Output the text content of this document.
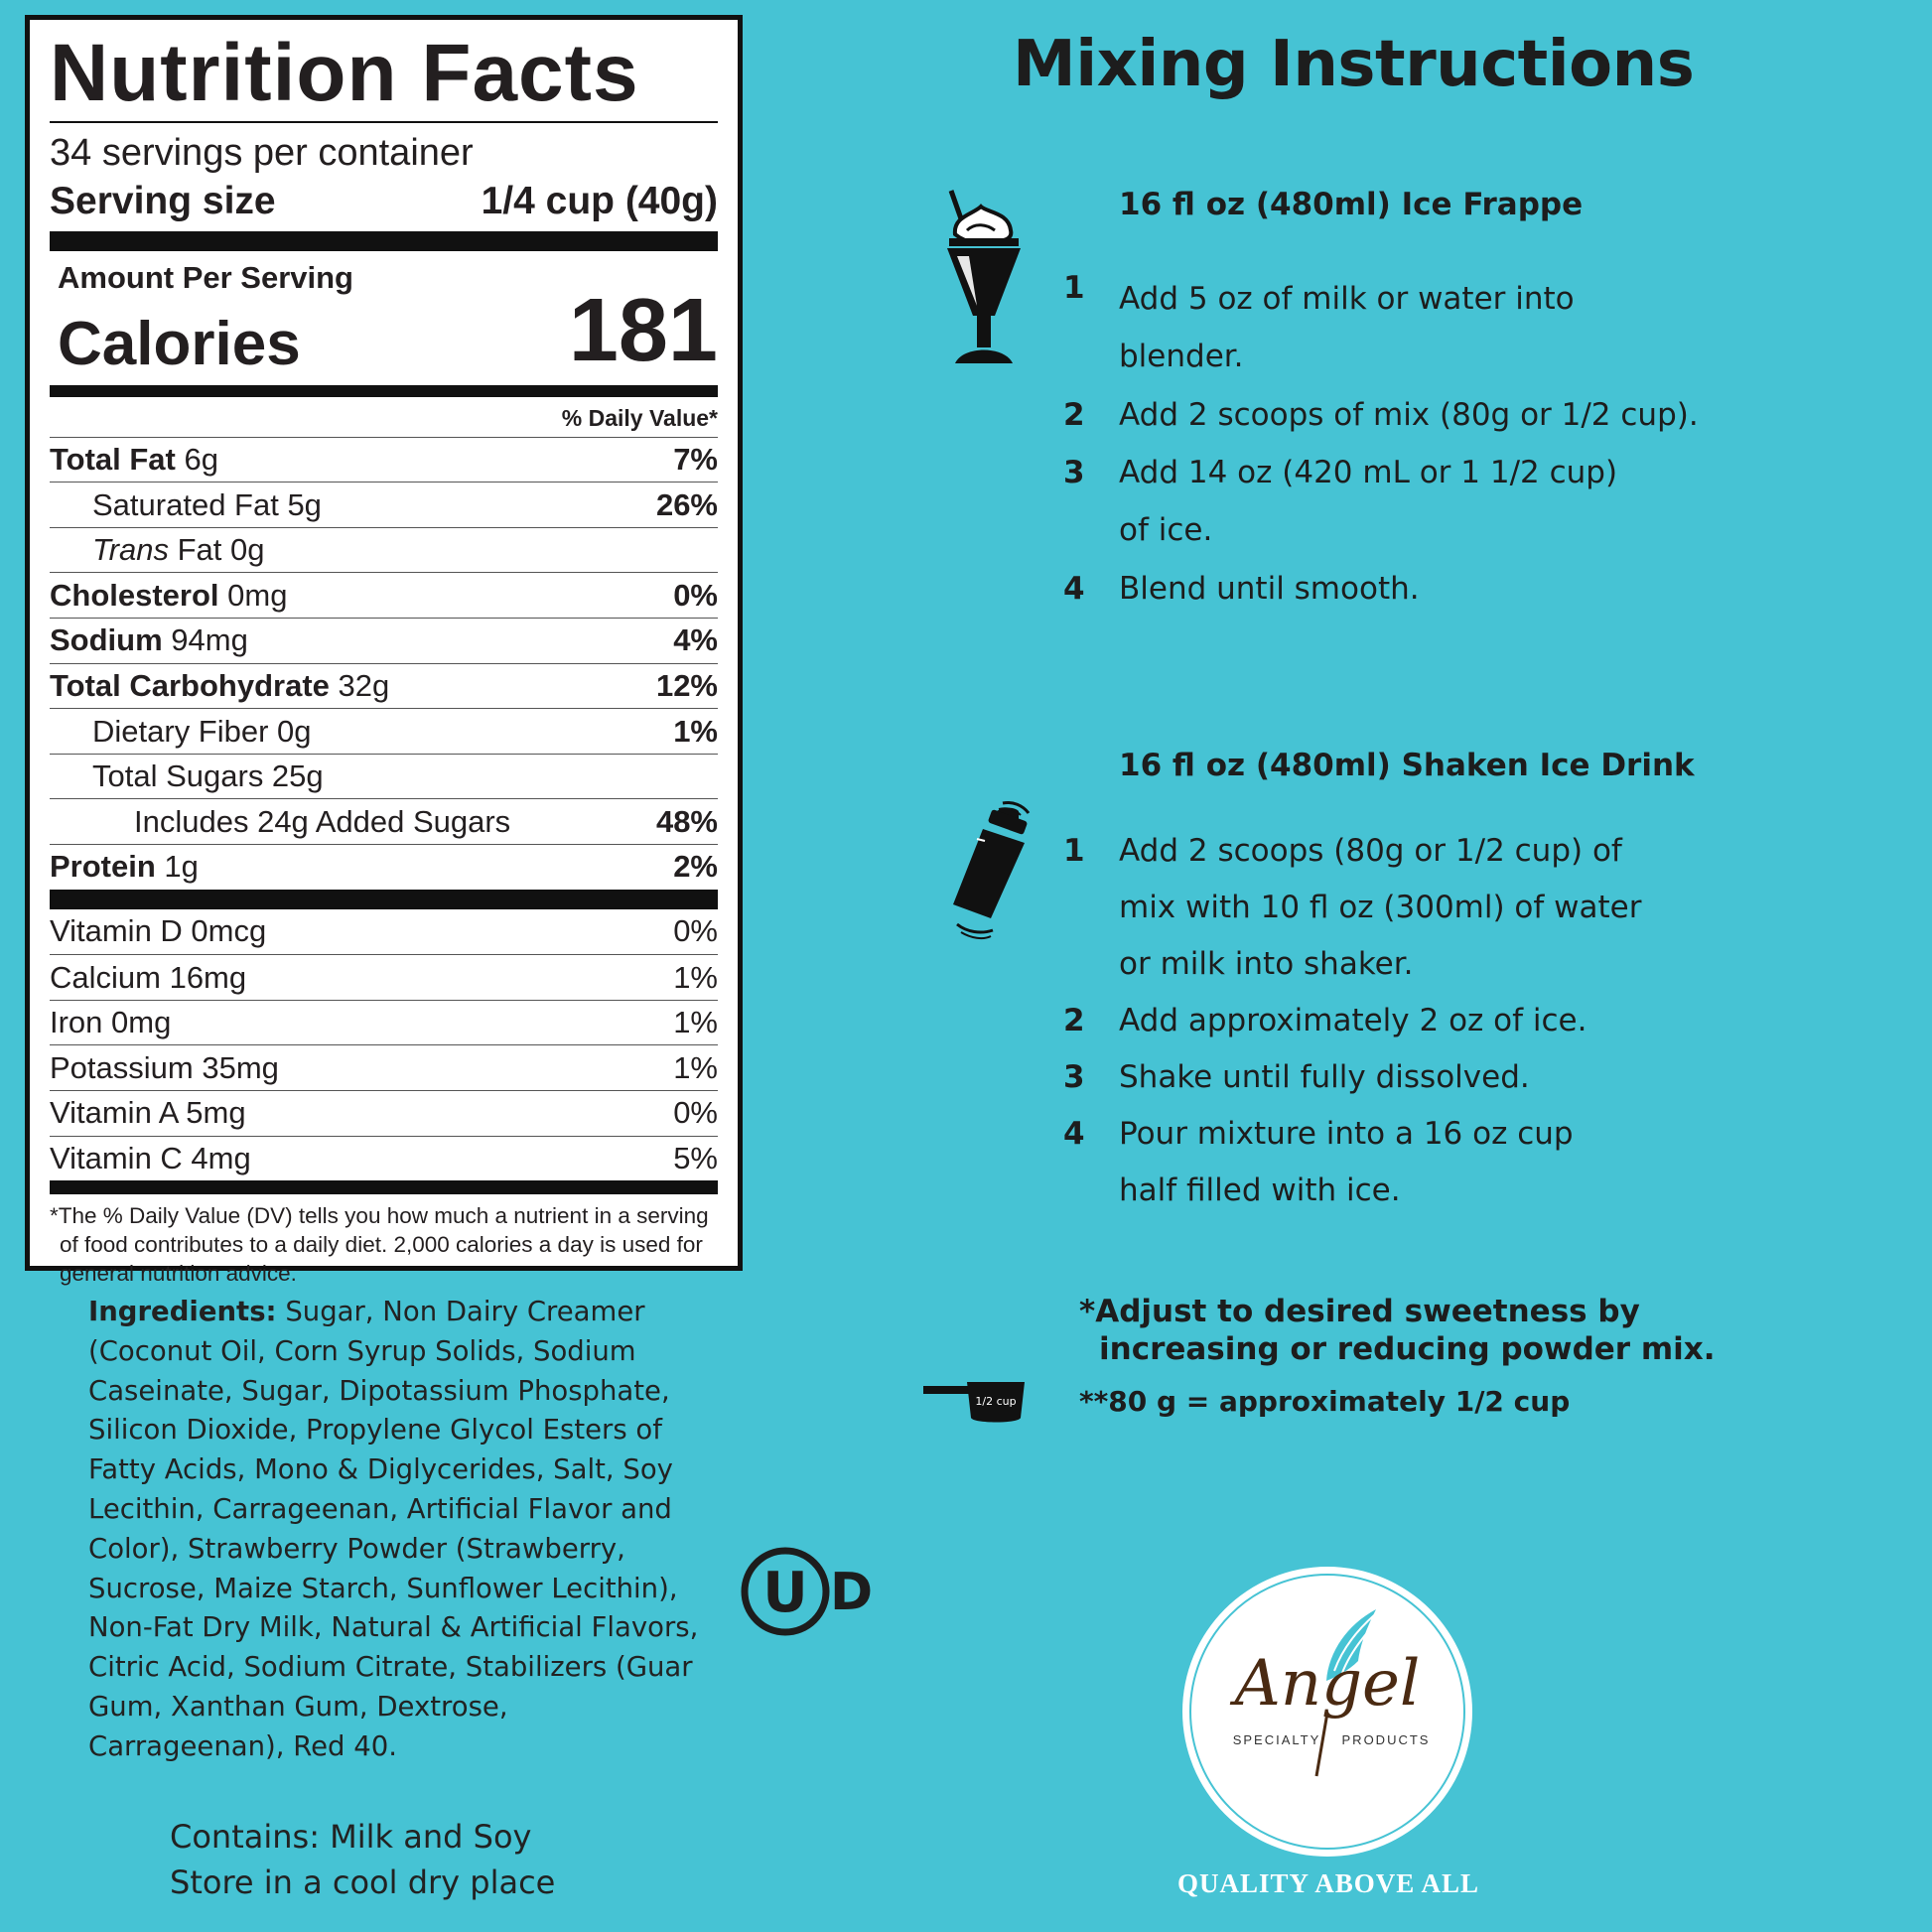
Nutrition Facts
34 servings per container
Serving size	1/4 cup (40g)
Amount Per Serving
Calories	181
% Daily Value*
Total Fat 6g	7%
Saturated Fat 5g	26%
Trans Fat 0g
Cholesterol 0mg	0%
Sodium 94mg	4%
Total Carbohydrate 32g	12%
Dietary Fiber 0g	1%
Total Sugars 25g
Includes 24g Added Sugars	48%
Protein 1g	2%
Vitamin D 0mcg	0%
Calcium 16mg	1%
Iron 0mg	1%
Potassium 35mg	1%
Vitamin A 5mg	0%
Vitamin C 4mg	5%
*The % Daily Value (DV) tells you how much a nutrient in a serving of food contributes to a daily diet. 2,000 calories a day is used for general nutrition advice.
Ingredients: Sugar, Non Dairy Creamer (Coconut Oil, Corn Syrup Solids, Sodium Caseinate, Sugar, Dipotassium Phosphate, Silicon Dioxide, Propylene Glycol Esters of Fatty Acids, Mono & Diglycerides, Salt, Soy Lecithin, Carrageenan, Artificial Flavor and Color), Strawberry Powder (Strawberry, Sucrose, Maize Starch, Sunflower Lecithin), Non-Fat Dry Milk, Natural & Artificial Flavors, Citric Acid, Sodium Citrate, Stabilizers (Guar Gum, Xanthan Gum, Dextrose, Carrageenan), Red 40.
Contains: Milk and Soy
Store in a cool dry place
U D
Mixing Instructions
16 fl oz (480ml) Ice Frappe
1	Add 5 oz of milk or water into
blender.
2	Add 2 scoops of mix (80g or 1/2 cup).
3	Add 14 oz (420 mL or 1 1/2 cup)
of ice.
4	Blend until smooth.
16 fl oz (480ml) Shaken Ice Drink
1	Add 2 scoops (80g or 1/2 cup) of
mix with 10 fl oz (300ml) of water
or milk into shaker.
2	Add approximately 2 oz of ice.
3	Shake until fully dissolved.
4	Pour mixture into a 16 oz cup
half filled with ice.
*Adjust to desired sweetness by
increasing or reducing powder mix.
1/2 cup **80 g = approximately 1/2 cup
Angel
SPECIALTY PRODUCTS
QUALITY ABOVE ALL
